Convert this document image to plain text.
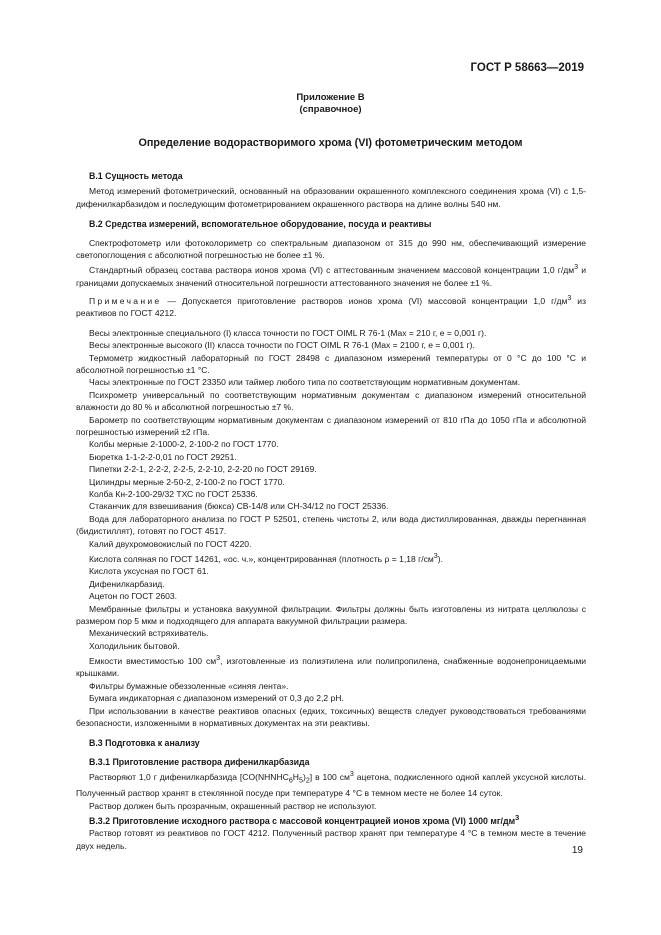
ГОСТ Р 58663—2019
Приложение В
(справочное)
Определение водорастворимого хрома (VI) фотометрическим методом
В.1 Сущность метода

Метод измерений фотометрический, основанный на образовании окрашенного комплексного соединения хрома (VI) с 1,5-дифенилкарбазидом и последующим фотометрированием окрашенного раствора на длине волны 540 нм.

В.2 Средства измерений, вспомогательное оборудование, посуда и реактивы

Спектрофотометр или фотоколориметр со спектральным диапазоном от 315 до 990 нм, обеспечивающий измерение светопоглощения с абсолютной погрешностью не более ±1 %.

Стандартный образец состава раствора ионов хрома (VI) с аттестованным значением массовой концентрации 1,0 $г/дм^3$ и границами допускаемых значений относительной погрешности аттестованного значения не более ±1 %.

Примечание — Допускается приготовление растворов ионов хрома (VI) массовой концентрации 1,0 $г/дм^3$ из реактивов по ГОСТ 4212.

Весы электронные специального (I) класса точности по ГОСТ OIML R 76-1 (Max = 210 г, е = 0,001 г).

Весы электронные высокого (II) класса точности по ГОСТ OIML R 76-1 (Max = 2100 г, е = 0,001 г).

Термометр жидкостный лабораторный по ГОСТ 28498 с диапазоном измерений температуры от 0 °C до 100 °C и абсолютной погрешностью ±1 °C.

Часы электронные по ГОСТ 23350 или таймер любого типа по соответствующим нормативным документам.

Психрометр универсальный по соответствующим нормативным документам с диапазоном измерений относительной влажности до 80 % и абсолютной погрешностью ±7 %.

Барометр по соответствующим нормативным документам с диапазоном измерений от 810 гПа до 1050 гПа и абсолютной погрешностью измерений ±2 гПа.

Колбы мерные 2-1000-2, 2-100-2 по ГОСТ 1770.

Бюретка 1-1-2-2-0,01 по ГОСТ 29251.

Пипетки 2-2-1, 2-2-2, 2-2-5, 2-2-10, 2-2-20 по ГОСТ 29169.

Цилиндры мерные 2-50-2, 2-100-2 по ГОСТ 1770.

Колба Кн-2-100-29/32 ТХС по ГОСТ 25336.

Стаканчик для взвешивания (бюкса) СВ-14/8 или СН-34/12 по ГОСТ 25336.

Вода для лабораторного анализа по ГОСТ Р 52501, степень чистоты 2, или вода дистиллированная, дважды перегнанная (бидистиллят), готовят по ГОСТ 4517.

Калий двухромовокислый по ГОСТ 4220.

Кислота соляная по ГОСТ 14261, «ос. ч.», концентрированная (плотность ρ = 1,18 $г/см^3$).

Кислота уксусная по ГОСТ 61.

Дифенилкарбазид.

Ацетон по ГОСТ 2603.

Мембранные фильтры и установка вакуумной фильтрации. Фильтры должны быть изготовлены из нитрата целлюлозы с размером пор 5 мкм и подходящего для аппарата вакуумной фильтрации размера.

Механический встряхиватель.

Холодильник бытовой.

Емкости вместимостью 100 $см^3$, изготовленные из полиэтилена или полипропилена, снабженные водонепроницаемыми крышками.

Фильтры бумажные обеззоленные «синяя лента».

Бумага индикаторная с диапазоном измерений от 0,3 до 2,2 pH.

При использовании в качестве реактивов опасных (едких, токсичных) веществ следует руководствоваться требованиями безопасности, изложенными в нормативных документах на эти реактивы.

В.3 Подготовка к анализу
В.3.1 Приготовление раствора дифенилкарбазида

Растворяют 1,0 г дифенилкарбазида $[CO(NHNHC_6H_5)_2]$ в 100 $см^3$ ацетона, подкисленного одной каплей уксусной кислоты. Полученный раствор хранят в стеклянной посуде при температуре 4 °C в темном месте не более 14 суток.

Раствор должен быть прозрачным, окрашенный раствор не используют.

В.3.2 Приготовление исходного раствора с массовой концентрацией ионов хрома (VI) 1000 $мг/дм^3$

Раствор готовят из реактивов по ГОСТ 4212. Полученный раствор хранят при температуре 4 °C в темном месте в течение двух недель.	19
